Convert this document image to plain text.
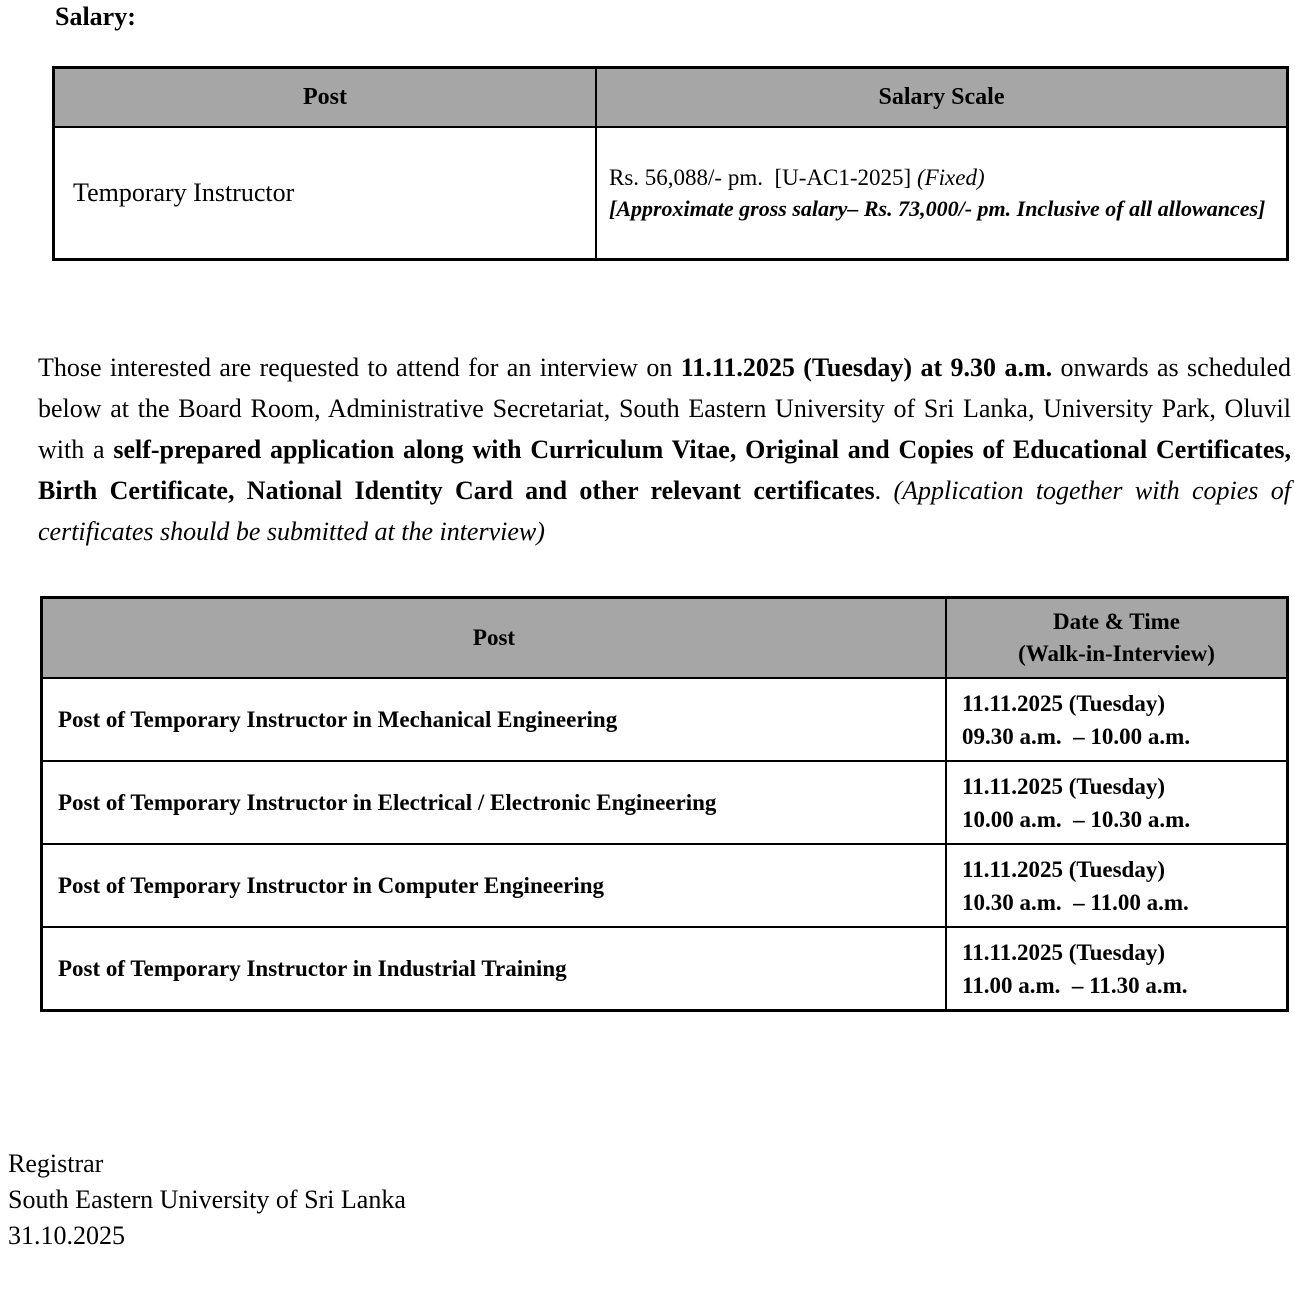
Salary:
Post	Salary Scale
Temporary Instructor	Rs. 56,088/- pm.  [U-AC1-2025] (Fixed)
[Approximate gross salary– Rs. 73,000/- pm. Inclusive of all allowances]

Those interested are requested to attend for an interview on 11.11.2025 (Tuesday) at 9.30 a.m. onwards as scheduled below at the Board Room, Administrative Secretariat, South Eastern University of Sri Lanka, University Park, Oluvil with a self-prepared application along with Curriculum Vitae, Original and Copies of Educational Certificates, Birth Certificate, National Identity Card and other relevant certificates. (Application together with copies of certificates should be submitted at the interview)

Post	Date & Time
(Walk-in-Interview)

Post of Temporary Instructor in Mechanical Engineering	11.11.2025 (Tuesday)
09.30 a.m.  – 10.00 a.m.

Post of Temporary Instructor in Electrical / Electronic Engineering	11.11.2025 (Tuesday)
10.00 a.m.  – 10.30 a.m.

Post of Temporary Instructor in Computer Engineering	11.11.2025 (Tuesday)
10.30 a.m.  – 11.00 a.m.

Post of Temporary Instructor in Industrial Training	11.11.2025 (Tuesday)
11.00 a.m.  – 11.30 a.m.
Registrar
South Eastern University of Sri Lanka
31.10.2025
